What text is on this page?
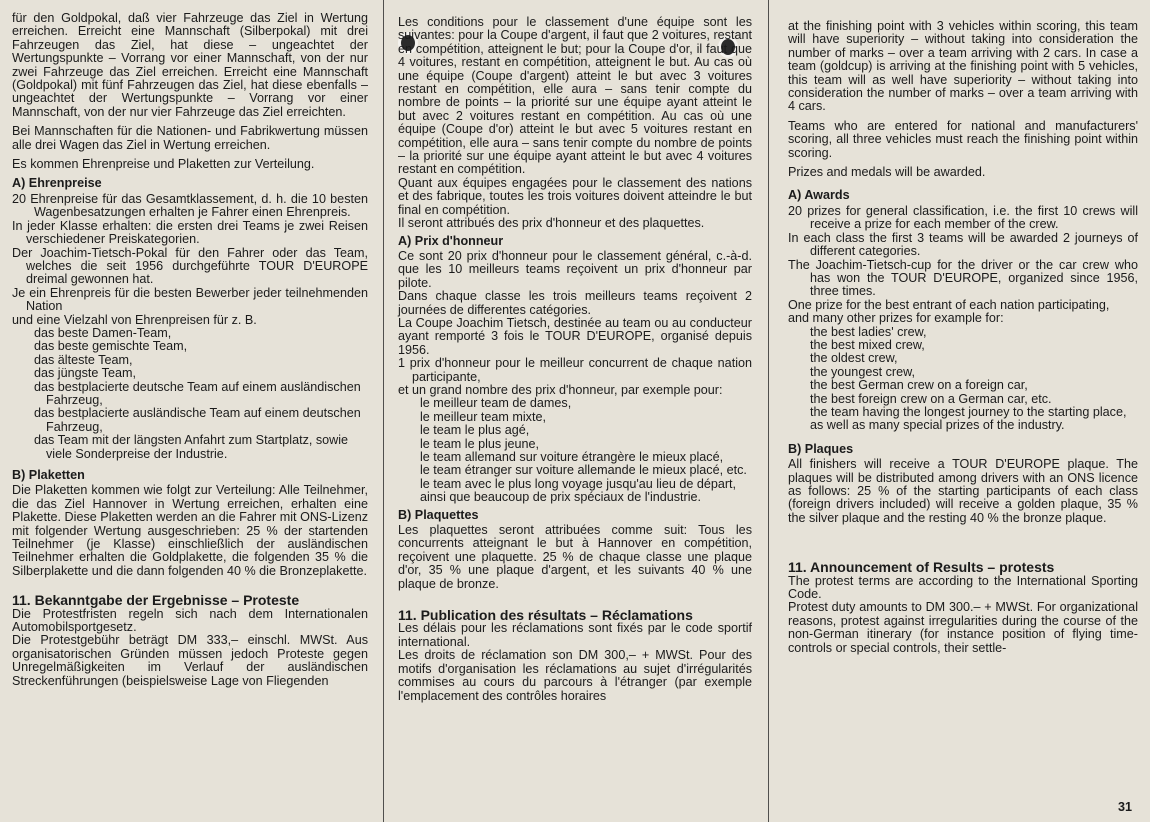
für den Goldpokal, daß vier Fahrzeuge das Ziel in Wertung erreichen. Erreicht eine Mannschaft (Silberpokal) mit drei Fahrzeugen das Ziel, hat diese – ungeachtet der Wertungspunkte – Vorrang vor einer Mannschaft, von der nur zwei Fahrzeuge das Ziel erreichen. Erreicht eine Mannschaft (Goldpokal) mit fünf Fahrzeugen das Ziel, hat diese ebenfalls – ungeachtet der Wertungspunkte – Vorrang vor einer Mannschaft, von der nur vier Fahrzeuge das Ziel erreichten.

Bei Mannschaften für die Nationen- und Fabrikwertung müssen alle drei Wagen das Ziel in Wertung erreichen.

Es kommen Ehrenpreise und Plaketten zur Verteilung.

A) Ehrenpreise

20 Ehrenpreise für das Gesamtklassement, d. h. die 10 besten Wagenbesatzungen erhalten je Fahrer einen Ehrenpreis.

In jeder Klasse erhalten: die ersten drei Teams je zwei Reisen verschiedener Preiskategorien.

Der Joachim-Tietsch-Pokal für den Fahrer oder das Team, welches die seit 1956 durchgeführte TOUR D'EUROPE dreimal gewonnen hat.

Je ein Ehrenpreis für die besten Bewerber jeder teilnehmenden Nation

und eine Vielzahl von Ehrenpreisen für z. B.

das beste Damen-Team,
das beste gemischte Team,
das älteste Team,
das jüngste Team,
das bestplacierte deutsche Team auf einem ausländischen Fahrzeug,
das bestplacierte ausländische Team auf einem deutschen Fahrzeug,
das Team mit der längsten Anfahrt zum Startplatz, sowie viele Sonderpreise der Industrie.
B) Plaketten

Die Plaketten kommen wie folgt zur Verteilung: Alle Teilnehmer, die das Ziel Hannover in Wertung erreichen, erhalten eine Plakette. Diese Plaketten werden an die Fahrer mit ONS-Lizenz mit folgender Wertung ausgeschrieben: 25 % der startenden Teilnehmer (je Klasse) einschließlich der ausländischen Teilnehmer erhalten die Goldplakette, die folgenden 35 % die Silberplakette und die dann folgenden 40 % die Bronzeplakette.

11. Bekanntgabe der Ergebnisse – Proteste

Die Protestfristen regeln sich nach dem Internationalen Automobilsportgesetz.

Die Protestgebühr beträgt DM 333,– einschl. MWSt. Aus organisatorischen Gründen müssen jedoch Proteste gegen Unregelmäßigkeiten im Verlauf der ausländischen Streckenführungen (beispielsweise Lage von Fliegenden

Les conditions pour le classement d'une équipe sont les suivantes: pour la Coupe d'argent, il faut que 2 voitures, restant en compétition, atteignent le but; pour la Coupe d'or, il faut que 4 voitures, restant en compétition, atteignent le but. Au cas où une équipe (Coupe d'argent) atteint le but avec 3 voitures restant en compétition, elle aura – sans tenir compte du nombre de points – la priorité sur une équipe ayant atteint le but avec 2 voitures restant en compétition. Au cas où une équipe (Coupe d'or) atteint le but avec 5 voitures restant en compétition, elle aura – sans tenir compte du nombre de points – la priorité sur une équipe ayant atteint le but avec 4 voitures restant en compétition.

Quant aux équipes engagées pour le classement des nations et des fabrique, toutes les trois voitures doivent atteindre le but final en compétition.

Il seront attribués des prix d'honneur et des plaquettes.

A) Prix d'honneur

Ce sont 20 prix d'honneur pour le classement général, c.-à-d. que les 10 meilleurs teams reçoivent un prix d'honneur par pilote.

Dans chaque classe les trois meilleurs teams reçoivent 2 journées de differentes catégories.

La Coupe Joachim Tietsch, destinée au team ou au conducteur ayant remporté 3 fois le TOUR D'EUROPE, organisé depuis 1956.

1 prix d'honneur pour le meilleur concurrent de chaque nation participante,

et un grand nombre des prix d'honneur, par exemple pour:

le meilleur team de dames,
le meilleur team mixte,
le team le plus agé,
le team le plus jeune,
le team allemand sur voiture étrangère le mieux placé,
le team étranger sur voiture allemande le mieux placé, etc.
le team avec le plus long voyage jusqu'au lieu de départ,
ainsi que beaucoup de prix spéciaux de l'industrie.
B) Plaquettes

Les plaquettes seront attribuées comme suit: Tous les concurrents atteignant le but à Hannover en compétition, reçoivent une plaquette. 25 % de chaque classe une plaque d'or, 35 % une plaque d'argent, et les suivants 40 % une plaque de bronze.

11. Publication des résultats – Réclamations

Les délais pour les réclamations sont fixés par le code sportif international.

Les droits de réclamation son DM 300,– + MWSt. Pour des motifs d'organisation les réclamations au sujet d'irrégularités commises au cours du parcours à l'étranger (par exemple l'emplacement des contrôles horaires

at the finishing point with 3 vehicles within scoring, this team will have superiority – without taking into consideration the number of marks – over a team arriving with 2 cars. In case a team (goldcup) is arriving at the finishing point with 5 vehicles, this team will as well have superiority – without taking into consideration the number of marks – over a team arriving with 4 cars.

Teams who are entered for national and manufacturers' scoring, all three vehicles must reach the finishing point within scoring.

Prizes and medals will be awarded.

A) Awards

20 prizes for general classification, i.e. the first 10 crews will receive a prize for each member of the crew.

In each class the first 3 teams will be awarded 2 journeys of different categories.

The Joachim-Tietsch-cup for the driver or the car crew who has won the TOUR D'EUROPE, organized since 1956, three times.

One prize for the best entrant of each nation participating,

and many other prizes for example for:

the best ladies' crew,
the best mixed crew,
the oldest crew,
the youngest crew,
the best German crew on a foreign car,
the best foreign crew on a German car, etc.
the team having the longest journey to the starting place,
as well as many special prizes of the industry.
B) Plaques

All finishers will receive a TOUR D'EUROPE plaque. The plaques will be distributed among drivers with an ONS licence as follows: 25 % of the starting participants of each class (foreign drivers included) will receive a golden plaque, 35 % the silver plaque and the resting 40 % the bronze plaque.

11. Announcement of Results – protests

The protest terms are according to the International Sporting Code.

Protest duty amounts to DM 300.– + MWSt. For organizational reasons, protest against irregularities during the course of the non-German itinerary (for instance position of flying time-controls or special controls, their settle-

31
